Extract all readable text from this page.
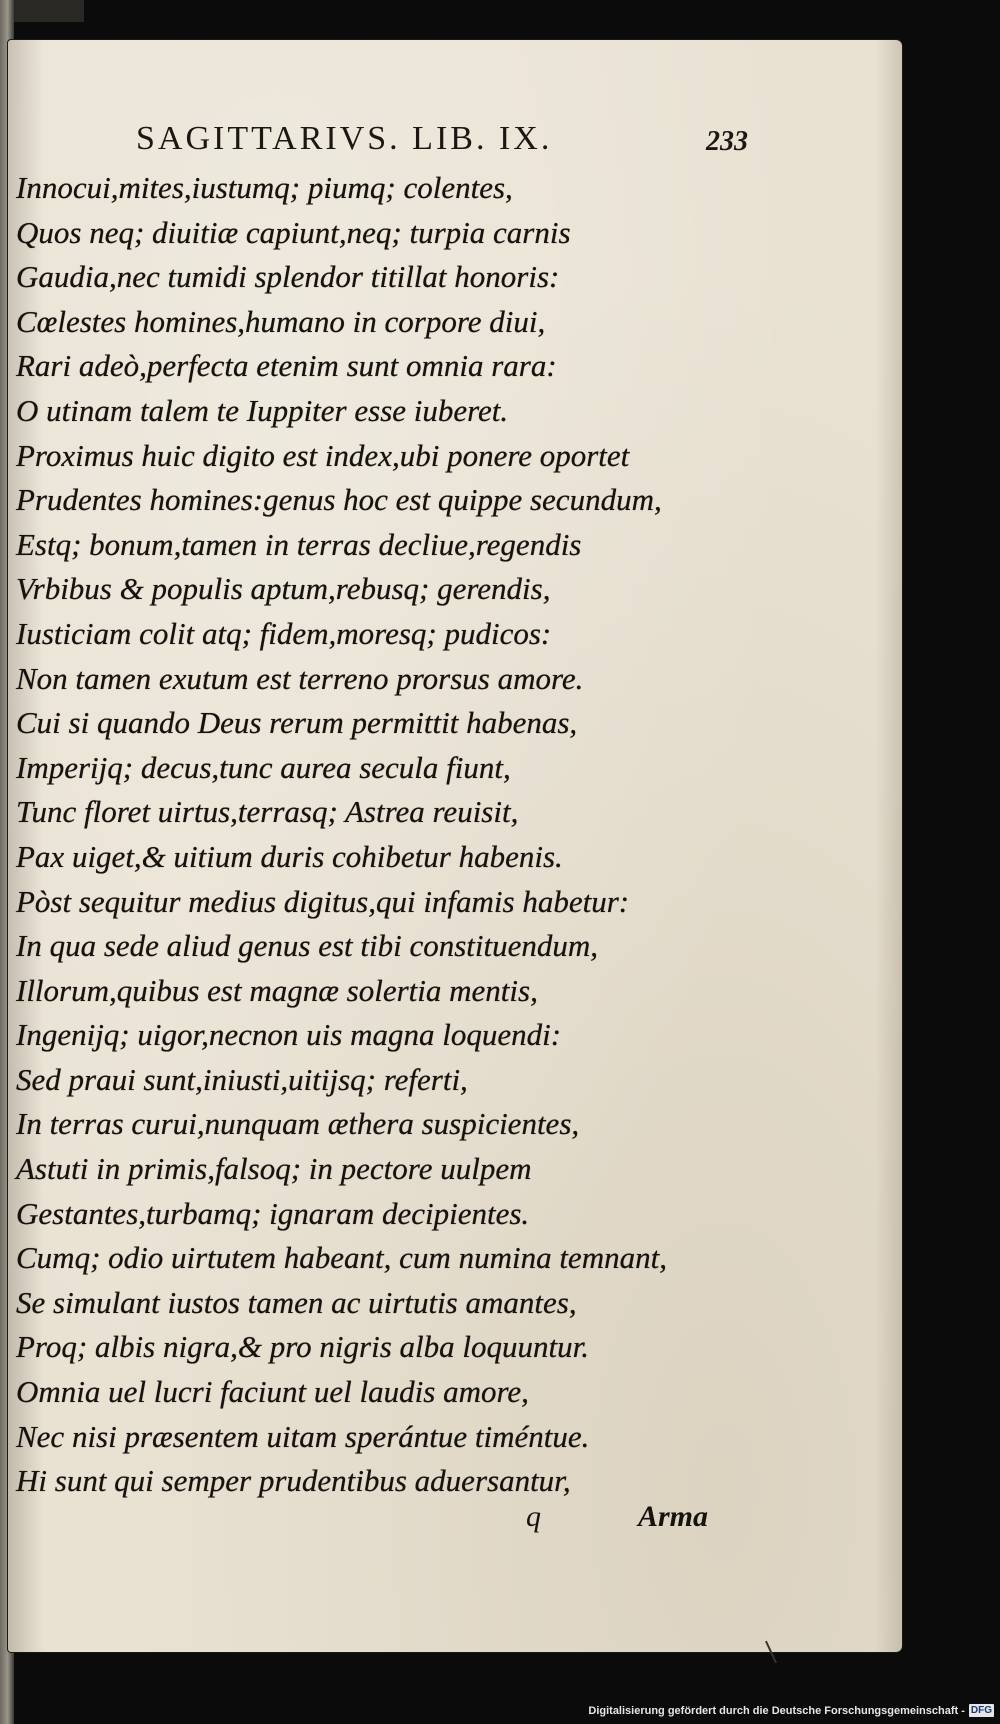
SAGITTARIVS. LIB. IX.	233
Innocui,mites,iustumq; piumq; colentes,
Quos neq; diuitiæ capiunt,neq; turpia carnis
Gaudia,nec tumidi splendor titillat honoris:
Cœlestes homines,humano in corpore diui,
Rari adeò,perfecta etenim sunt omnia rara:
O utinam talem te Iuppiter esse iuberet.
Proximus huic digito est index,ubi ponere oportet
Prudentes homines:genus hoc est quippe secundum,
Estq; bonum,tamen in terras decliue,regendis
Vrbibus & populis aptum,rebusq; gerendis,
Iusticiam colit atq; fidem,moresq; pudicos:
Non tamen exutum est terreno prorsus amore.
Cui si quando Deus rerum permittit habenas,
Imperijq; decus,tunc aurea secula fiunt,
Tunc floret uirtus,terrasq; Astrea reuisit,
Pax uiget,& uitium duris cohibetur habenis.
Pòst sequitur medius digitus,qui infamis habetur:
In qua sede aliud genus est tibi constituendum,
Illorum,quibus est magnæ solertia mentis,
Ingenijq; uigor,necnon uis magna loquendi:
Sed praui sunt,iniusti,uitijsq; referti,
In terras curui,nunquam æthera suspicientes,
Astuti in primis,falsoq; in pectore uulpem
Gestantes,turbamq; ignaram decipientes.
Cumq; odio uirtutem habeant, cum numina temnant,
Se simulant iustos tamen ac uirtutis amantes,
Proq; albis nigra,& pro nigris alba loquuntur.
Omnia uel lucri faciunt uel laudis amore,
Nec nisi præsentem uitam sperántue timéntue.
Hi sunt qui semper prudentibus aduersantur,
q	Arma
Digitalisierung gefördert durch die Deutsche Forschungsgemeinschaft - DFG
